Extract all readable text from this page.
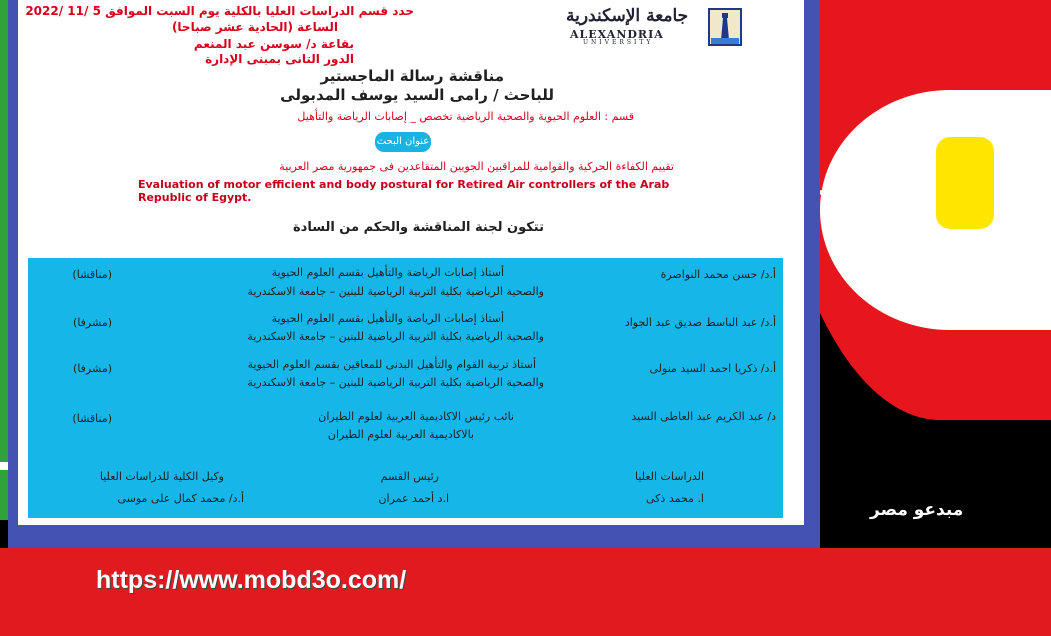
حدد قسم الدراسات العليا بالكلية يوم السبت الموافق 5 /11 /2022
الساعة (الحادية عشر صباحا)
بقاعة د/ سوسن عبد المنعم
الدور التانى بمبنى الإدارة
جامعة الإسكندرية
ALEXANDRIA
UNIVERSITY
مناقشة رسالة الماجستير
للباحث / رامى السيد يوسف المدبولى
قسم : العلوم الحيوية والصحية الرياضية تخصص _ إصابات الرياضة والتأهيل
عنوان البحث
تقييم الكفاءة الحركية والقوامية للمراقبين الجويين المتقاعدين فى جمهورية مصر العربية
Evaluation of motor efficient and body postural for Retired Air controllers of the Arab Republic of Egypt.
تتكون لجنة المناقشة والحكم من السادة
أ.د/ حسن محمد النواصرة
أستاذ إصابات الرياضة والتأهيل بقسم العلوم الحيوية
والصحية الرياضية بكلية التربية الرياضية للبنين – جامعة الاسكندرية
(مناقشا)
أ.د/ عبد الباسط صديق عبد الجواد
أستاذ إصابات الرياضة والتأهيل بقسم العلوم الحيوية
والصحية الرياضية بكلية التربية الرياضية للبنين – جامعة الاسكندرية
(مشرفا)
أ.د/ ذكريا احمد السيد منولى
أستاذ تربية القوام والتأهيل البدنى للمعاقين بقسم العلوم الحيوية
والصحية الرياضية بكلية التربية الرياضية للبنين – جامعة الاسكندرية
(مشرفا)
د/ عبد الكريم عبد العاطى السيد
نائب رئيس الاكاديمية العربية لعلوم الطيران
بالاكاديمية العربية لعلوم الطيران
(مناقشا)
الدراسات العليا
ا. محمد ذكى
رئيس القسم
ا.د أحمد عمران
وكيل الكلية للدراسات العليا
أ.د/ محمد كمال على موسى
مبدعو مصر
https://www.mobd3o.com/
